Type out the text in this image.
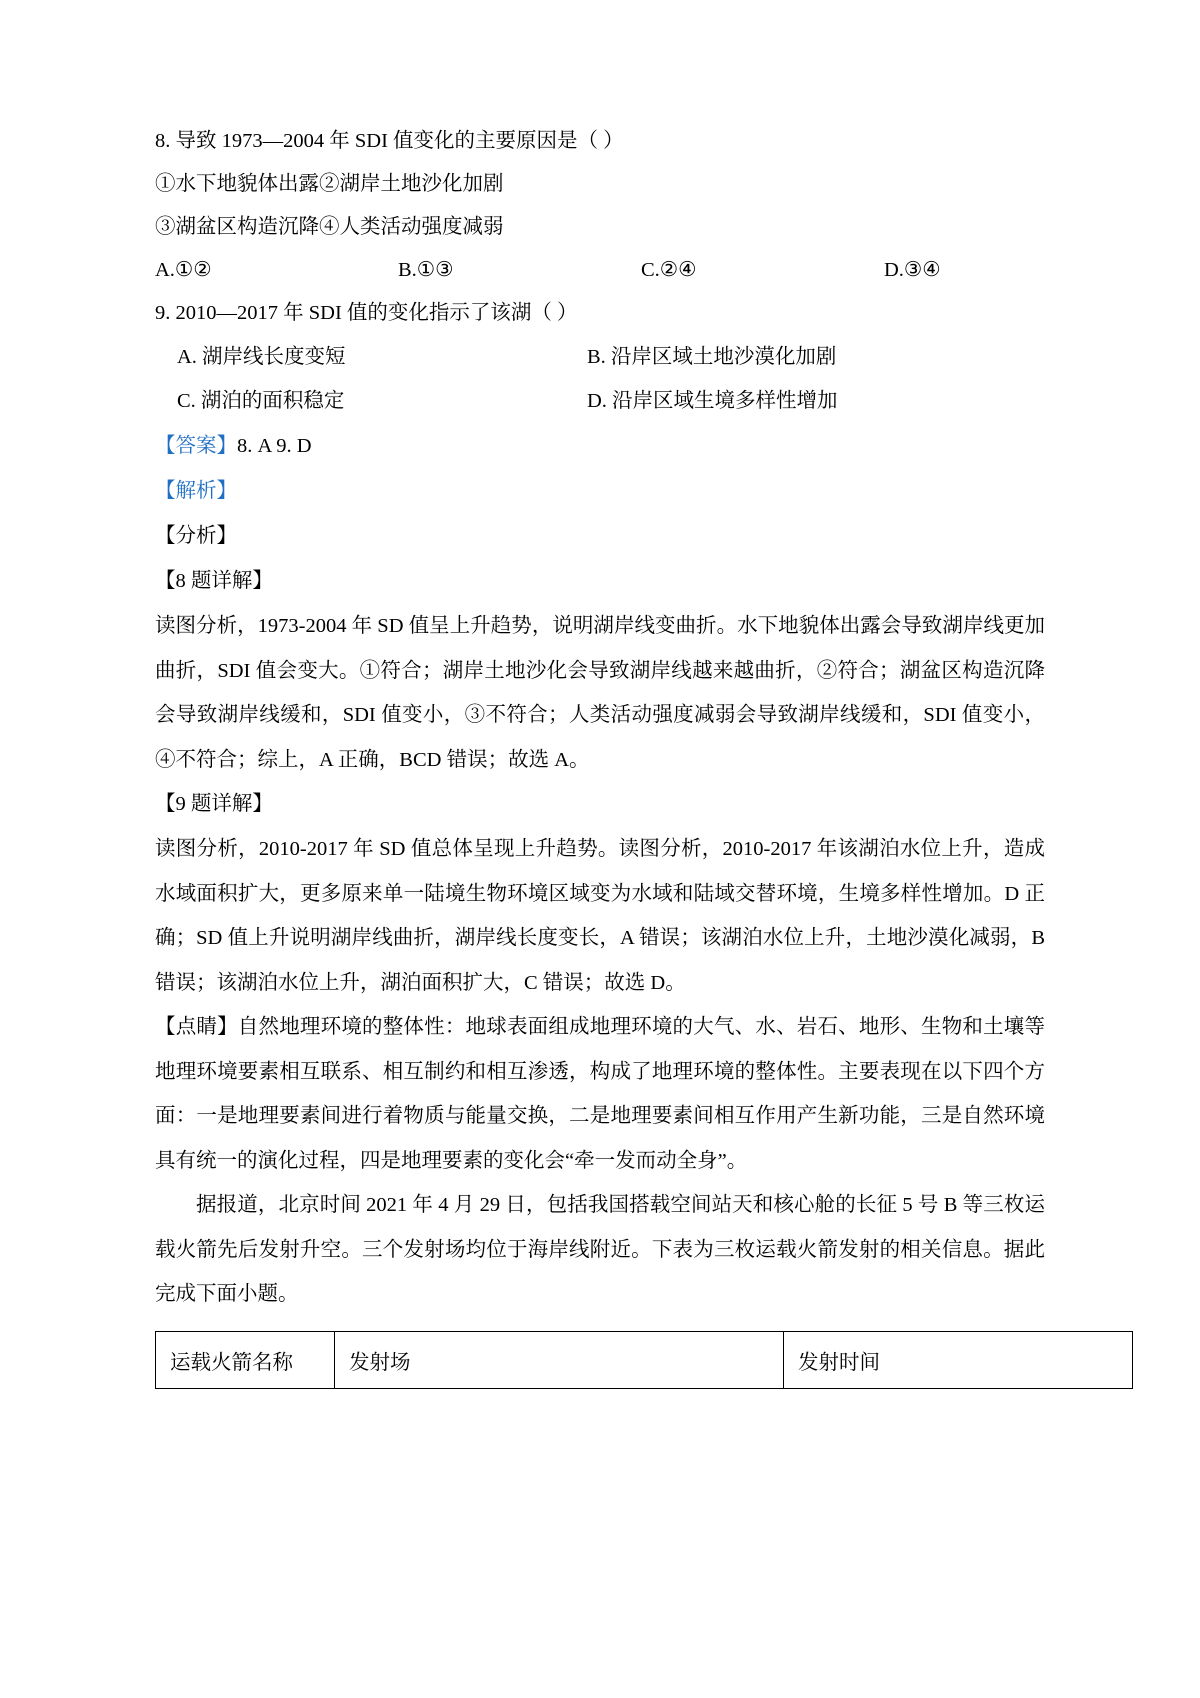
8. 导致 1973—2004 年 SDI 值变化的主要原因是（ ）
①水下地貌体出露②湖岸土地沙化加剧
③湖盆区构造沉降④人类活动强度减弱
A.①②	B.①③	C.②④	D.③④
9. 2010—2017 年 SDI 值的变化指示了该湖（ ）
A. 湖岸线长度变短	B. 沿岸区域土地沙漠化加剧
C. 湖泊的面积稳定	D. 沿岸区域生境多样性增加
【答案】8. A 9. D
【解析】
【分析】
【8 题详解】

读图分析，1973-2004 年 SD 值呈上升趋势，说明湖岸线变曲折。水下地貌体出露会导致湖岸线更加曲折，SDI 值会变大。①符合；湖岸土地沙化会导致湖岸线越来越曲折，②符合；湖盆区构造沉降会导致湖岸线缓和，SDI 值变小，③不符合；人类活动强度减弱会导致湖岸线缓和，SDI 值变小，④不符合；综上，A 正确，BCD 错误；故选 A。

【9 题详解】

读图分析，2010-2017 年 SD 值总体呈现上升趋势。读图分析，2010-2017 年该湖泊水位上升，造成水域面积扩大，更多原来单一陆境生物环境区域变为水域和陆域交替环境，生境多样性增加。D 正确；SD 值上升说明湖岸线曲折，湖岸线长度变长，A 错误；该湖泊水位上升，土地沙漠化减弱，B 错误；该湖泊水位上升，湖泊面积扩大，C 错误；故选 D。

【点睛】自然地理环境的整体性：地球表面组成地理环境的大气、水、岩石、地形、生物和土壤等地理环境要素相互联系、相互制约和相互渗透，构成了地理环境的整体性。主要表现在以下四个方面：一是地理要素间进行着物质与能量交换，二是地理要素间相互作用产生新功能，三是自然环境具有统一的演化过程，四是地理要素的变化会“牵一发而动全身”。

据报道，北京时间 2021 年 4 月 29 日，包括我国搭载空间站天和核心舱的长征 5 号 B 等三枚运载火箭先后发射升空。三个发射场均位于海岸线附近。下表为三枚运载火箭发射的相关信息。据此完成下面小题。

运载火箭名称	发射场	发射时间
